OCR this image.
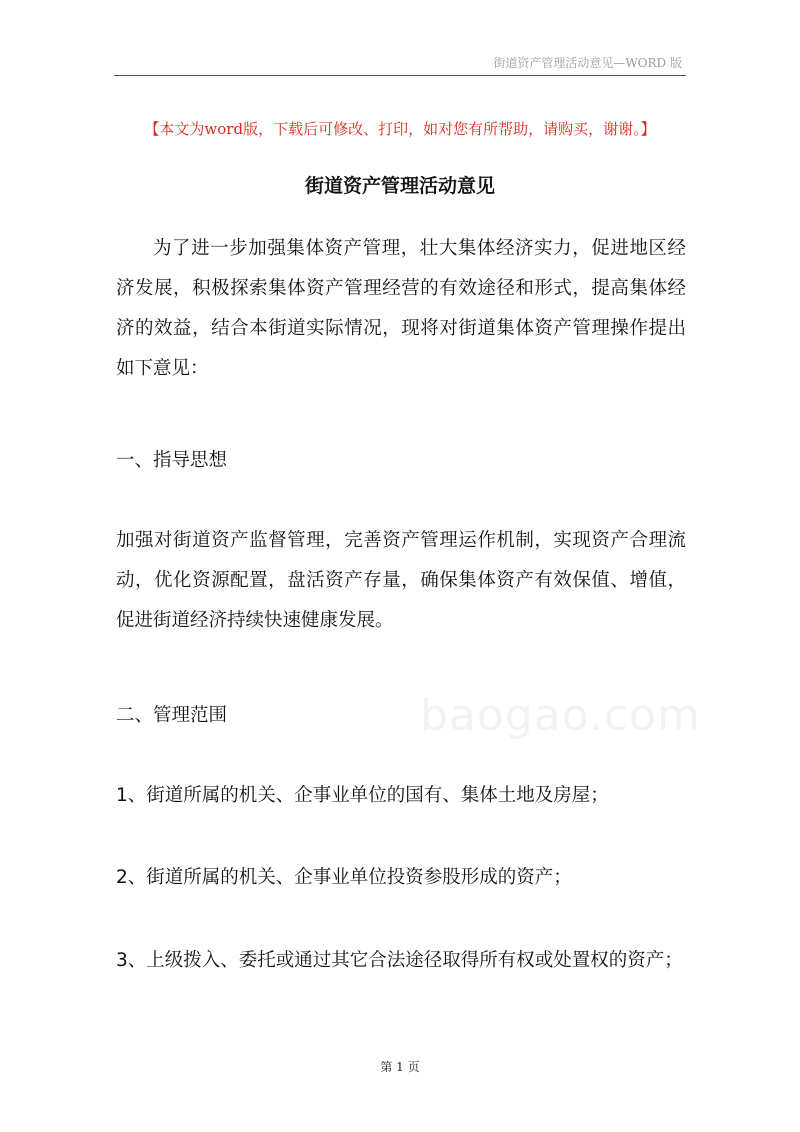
街道资产管理活动意见—WORD 版
【本文为word版，下载后可修改、打印，如对您有所帮助，请购买，谢谢。】
街道资产管理活动意见
为了进一步加强集体资产管理，壮大集体经济实力，促进地区经济发展，积极探索集体资产管理经营的有效途径和形式，提高集体经济的效益，结合本街道实际情况，现将对街道集体资产管理操作提出如下意见：
一、指导思想
加强对街道资产监督管理，完善资产管理运作机制，实现资产合理流动，优化资源配置，盘活资产存量，确保集体资产有效保值、增值，促进街道经济持续快速健康发展。
二、管理范围
1、街道所属的机关、企事业单位的国有、集体土地及房屋；
2、街道所属的机关、企事业单位投资参股形成的资产；
3、上级拨入、委托或通过其它合法途径取得所有权或处置权的资产；
baogao.com
第 1 页
